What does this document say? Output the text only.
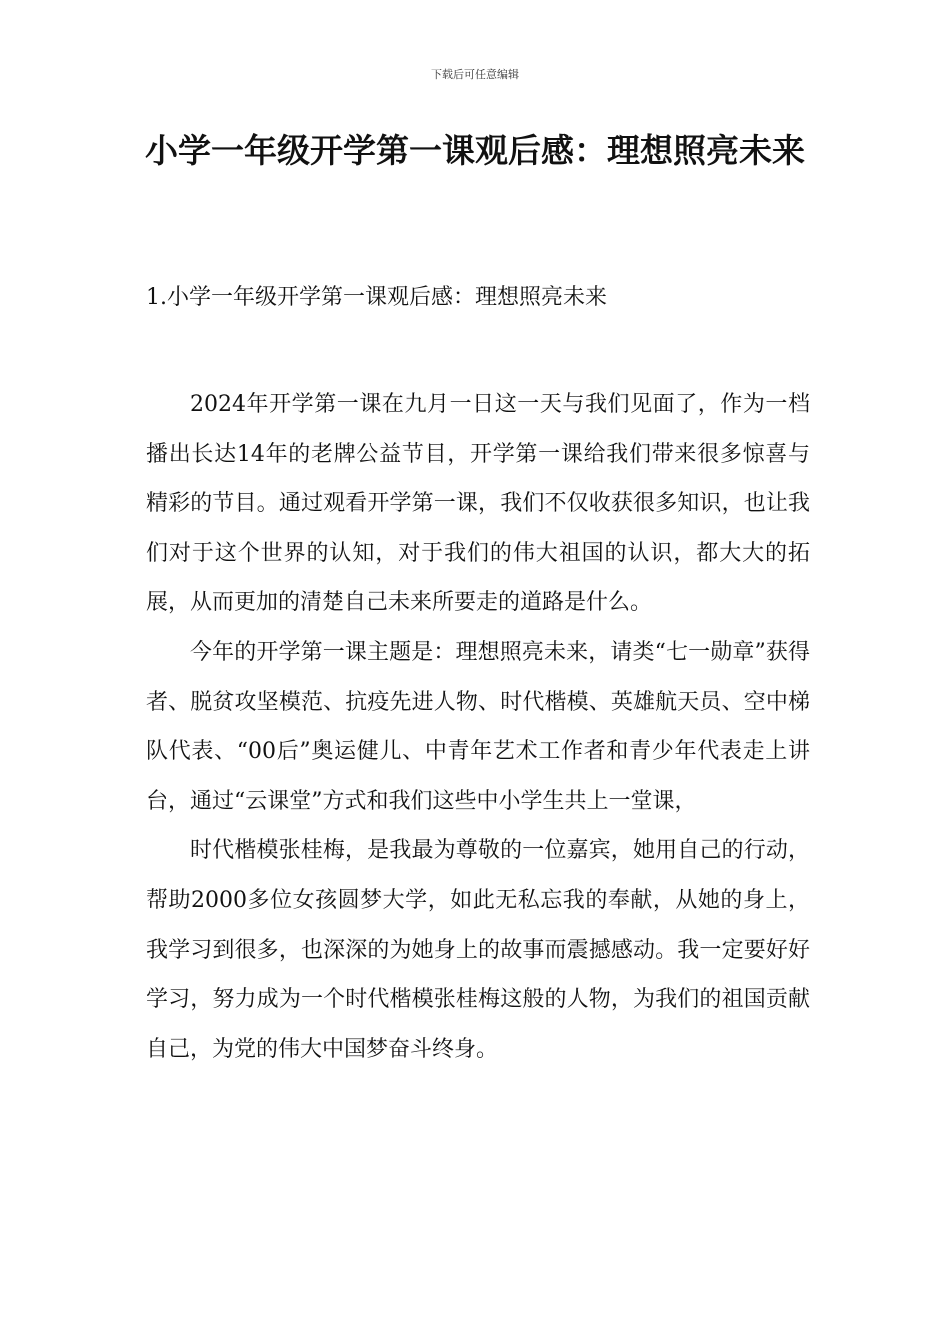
下载后可任意编辑
小学一年级开学第一课观后感：理想照亮未来
1.小学一年级开学第一课观后感：理想照亮未来

2024年开学第一课在九月一日这一天与我们见面了，作为一档播出长达14年的老牌公益节目，开学第一课给我们带来很多惊喜与精彩的节目。通过观看开学第一课，我们不仅收获很多知识，也让我们对于这个世界的认知，对于我们的伟大祖国的认识，都大大的拓展，从而更加的清楚自己未来所要走的道路是什么。

今年的开学第一课主题是：理想照亮未来，请类“七一勋章”获得者、脱贫攻坚模范、抗疫先进人物、时代楷模、英雄航天员、空中梯队代表、“00后”奥运健儿、中青年艺术工作者和青少年代表走上讲台，通过“云课堂”方式和我们这些中小学生共上一堂课，

时代楷模张桂梅，是我最为尊敬的一位嘉宾，她用自己的行动，帮助2000多位女孩圆梦大学，如此无私忘我的奉献，从她的身上，我学习到很多，也深深的为她身上的故事而震撼感动。我一定要好好学习，努力成为一个时代楷模张桂梅这般的人物，为我们的祖国贡献自己，为党的伟大中国梦奋斗终身。
